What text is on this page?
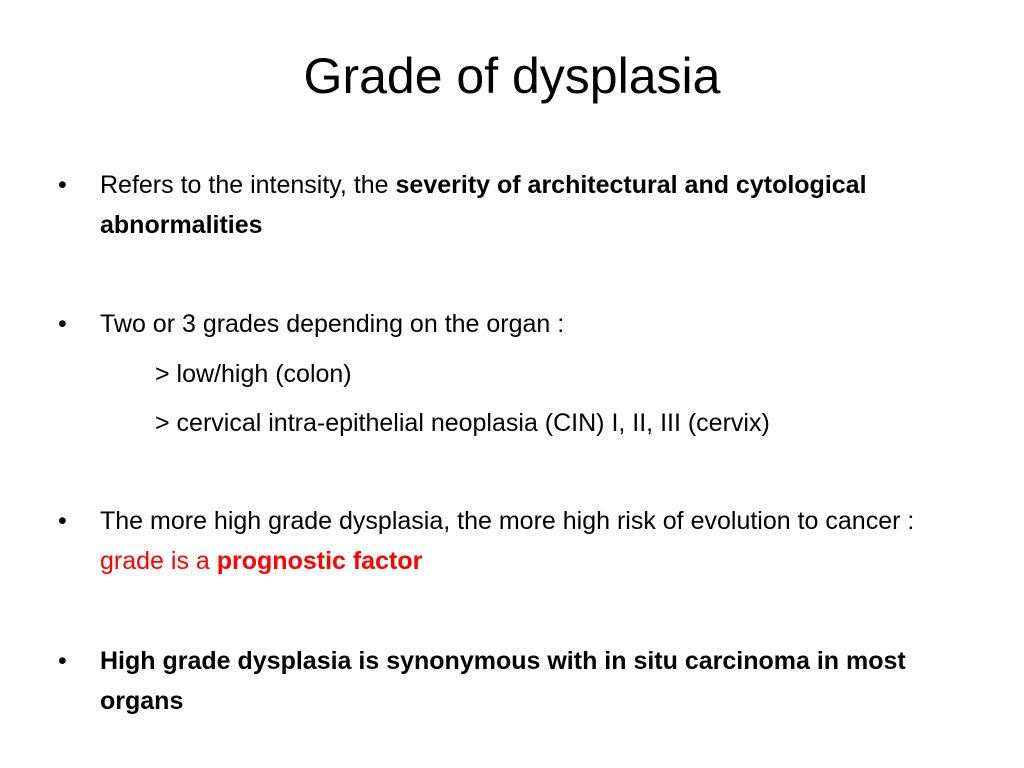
Grade of dysplasia
•	Refers to the intensity, the severity of architectural and cytological abnormalities
•	Two or 3 grades depending on the organ :
> low/high (colon)
> cervical intra-epithelial neoplasia (CIN) I, II, III (cervix)
•	The more high grade dysplasia, the more high risk of evolution to cancer : grade is a prognostic factor
•	High grade dysplasia is synonymous with in situ carcinoma in most organs
